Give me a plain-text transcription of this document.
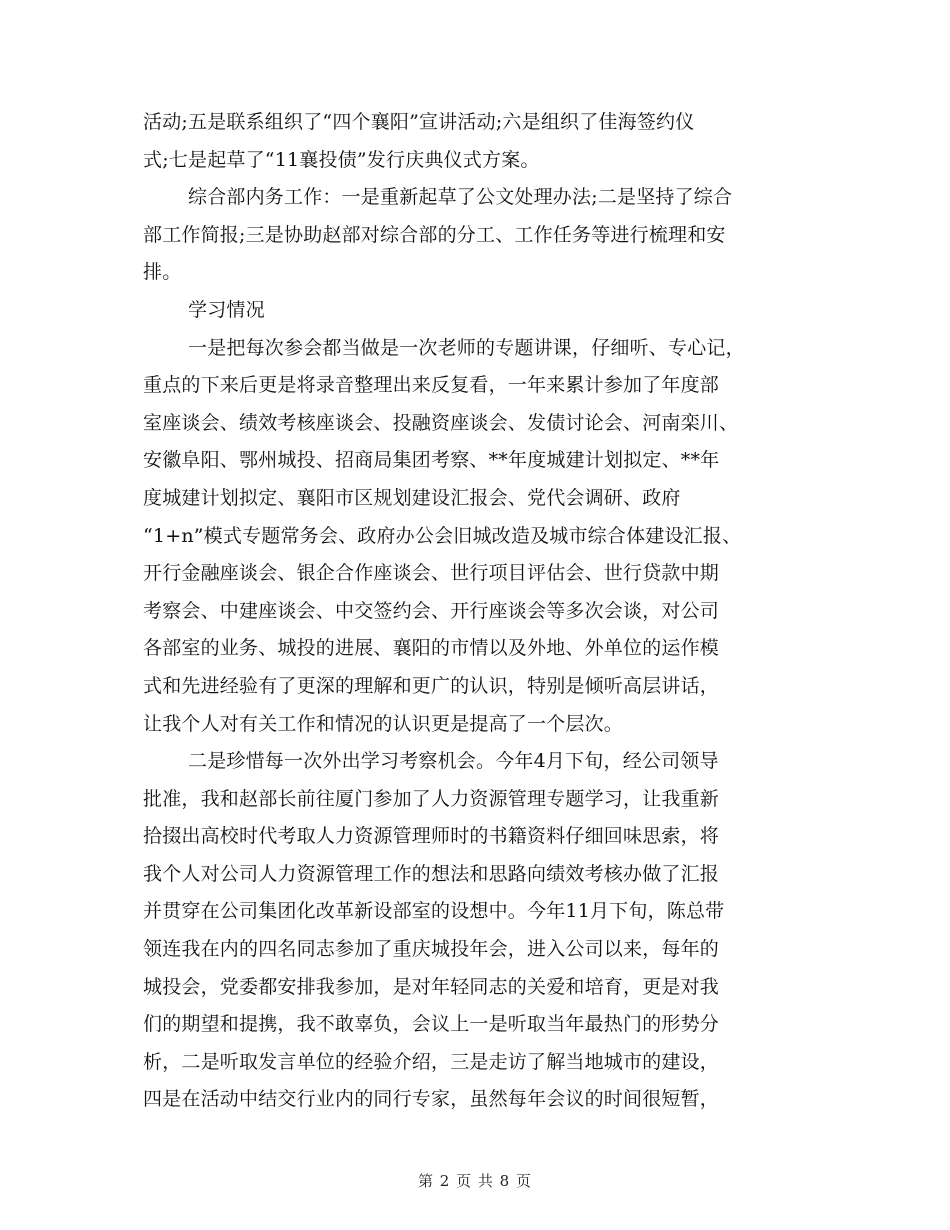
活动;五是联系组织了“四个襄阳”宣讲活动;六是组织了佳海签约仪
式;七是起草了“11襄投债”发行庆典仪式方案。
综合部内务工作：一是重新起草了公文处理办法;二是坚持了综合
部工作简报;三是协助赵部对综合部的分工、工作任务等进行梳理和安
排。
学习情况
一是把每次参会都当做是一次老师的专题讲课，仔细听、专心记，
重点的下来后更是将录音整理出来反复看，一年来累计参加了年度部
室座谈会、绩效考核座谈会、投融资座谈会、发债讨论会、河南栾川、
安徽阜阳、鄂州城投、招商局集团考察、**年度城建计划拟定、**年
度城建计划拟定、襄阳市区规划建设汇报会、党代会调研、政府
“1+n”模式专题常务会、政府办公会旧城改造及城市综合体建设汇报、
开行金融座谈会、银企合作座谈会、世行项目评估会、世行贷款中期
考察会、中建座谈会、中交签约会、开行座谈会等多次会谈，对公司
各部室的业务、城投的进展、襄阳的市情以及外地、外单位的运作模
式和先进经验有了更深的理解和更广的认识，特别是倾听高层讲话，
让我个人对有关工作和情况的认识更是提高了一个层次。
二是珍惜每一次外出学习考察机会。今年4月下旬，经公司领导
批准，我和赵部长前往厦门参加了人力资源管理专题学习，让我重新
拾掇出高校时代考取人力资源管理师时的书籍资料仔细回味思索，将
我个人对公司人力资源管理工作的想法和思路向绩效考核办做了汇报
并贯穿在公司集团化改革新设部室的设想中。今年11月下旬，陈总带
领连我在内的四名同志参加了重庆城投年会，进入公司以来，每年的
城投会，党委都安排我参加，是对年轻同志的关爱和培育，更是对我
们的期望和提携，我不敢辜负，会议上一是听取当年最热门的形势分
析，二是听取发言单位的经验介绍，三是走访了解当地城市的建设，
四是在活动中结交行业内的同行专家，虽然每年会议的时间很短暂，
第 2 页 共 8 页
